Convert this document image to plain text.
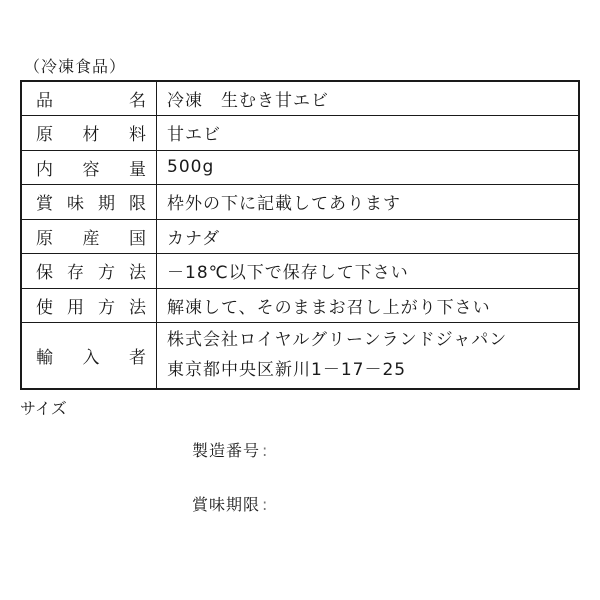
（冷凍食品）
品　名	冷凍　生むき甘エビ
原材料	甘エビ
内容量	500g
賞味期限	枠外の下に記載してあります
原産国	カナダ
保存方法	－18℃以下で保存して下さい
使用方法	解凍して、そのままお召し上がり下さい
輸入者	株式会社ロイヤルグリーンランドジャパン
東京都中央区新川1－17－25
サイズ
製造番号 :
賞味期限 :
